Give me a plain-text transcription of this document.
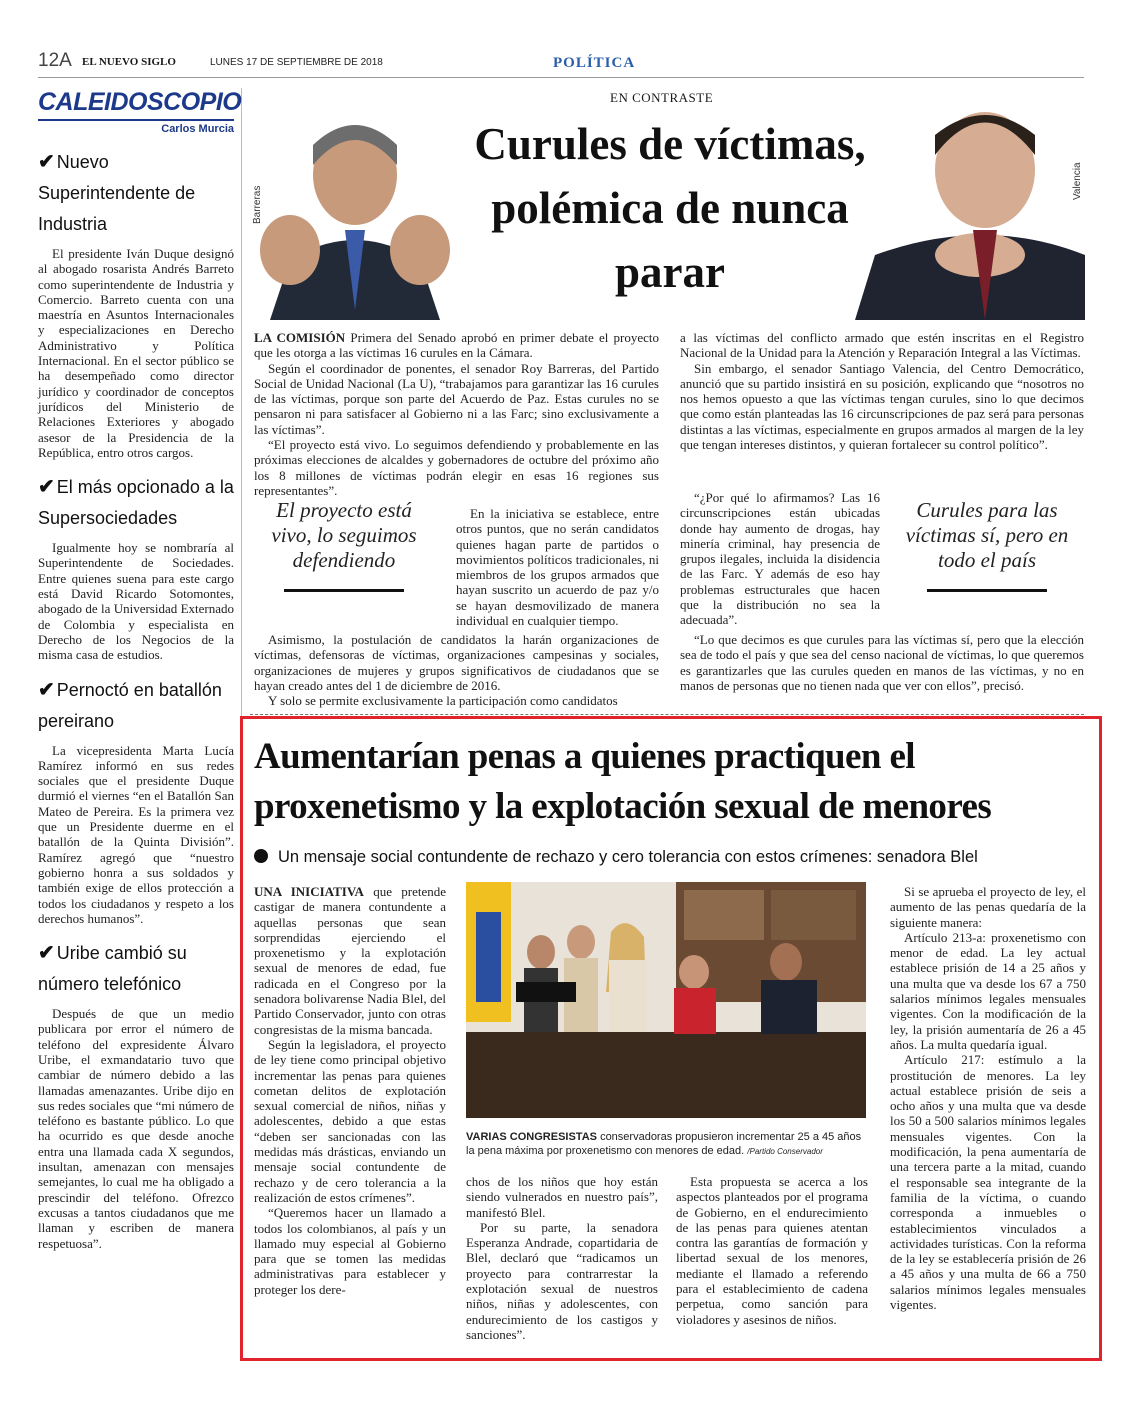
12A EL NUEVO SIGLO	LUNES 17 DE SEPTIEMBRE DE 2018	POLÍTICA
CALEIDOSCOPIO
Carlos Murcia
✔ Nuevo Superintendente de Industria

El presidente Iván Duque designó al abogado rosarista Andrés Barreto como superintendente de Industria y Comercio. Barreto cuenta con una maestría en Asuntos Internacionales y especializaciones en Derecho Administrativo y Política Internacional. En el sector público se ha desempeñado como director jurídico y coordinador de conceptos jurídicos del Ministerio de Relaciones Exteriores y abogado asesor de la Presidencia de la República, entro otros cargos.

✔ El más opcionado a la Supersociedades

Igualmente hoy se nombraría al Superintendente de Sociedades. Entre quienes suena para este cargo está David Ricardo Sotomontes, abogado de la Universidad Externado de Colombia y especialista en Derecho de los Negocios de la misma casa de estudios.

✔ Pernoctó en batallón pereirano

La vicepresidenta Marta Lucía Ramírez informó en sus redes sociales que el presidente Duque durmió el viernes “en el Batallón San Mateo de Pereira. Es la primera vez que un Presidente duerme en el batallón de la Quinta División”. Ramírez agregó que “nuestro gobierno honra a sus soldados y también exige de ellos protección a todos los ciudadanos y respeto a los derechos humanos”.

✔ Uribe cambió su número telefónico

Después de que un medio publicara por error el número de teléfono del expresidente Álvaro Uribe, el exmandatario tuvo que cambiar de número debido a las llamadas amenazantes. Uribe dijo en sus redes sociales que “mi número de teléfono es bastante público. Lo que ha ocurrido es que desde anoche entra una llamada cada X segundos, insultan, amenazan con mensajes semejantes, lo cual me ha obligado a prescindir del teléfono. Ofrezco excusas a tantos ciudadanos que me llaman y escriben de manera respetuosa”.

EN CONTRASTE
Barreras
Valencia
Curules de víctimas, polémica de nunca parar

LA COMISIÓN Primera del Senado aprobó en primer debate el proyecto que les otorga a las víctimas 16 curules en la Cámara.

Según el coordinador de ponentes, el senador Roy Barreras, del Partido Social de Unidad Nacional (La U), “trabajamos para garantizar las 16 curules de las víctimas, porque son parte del Acuerdo de Paz. Estas curules no se pensaron ni para satisfacer al Gobierno ni a las Farc; sino exclusivamente a las víctimas”.

“El proyecto está vivo. Lo seguimos defendiendo y probablemente en las próximas elecciones de alcaldes y gobernadores de octubre del próximo año los 8 millones de víctimas podrán elegir en esas 16 regiones sus representantes”.

El proyecto está vivo, lo seguimos defendiendo

En la iniciativa se establece, entre otros puntos, que no serán candidatos quienes hagan parte de partidos o movimientos políticos tradicionales, ni miembros de los grupos armados que hayan suscrito un acuerdo de paz y/o se hayan desmovilizado de manera individual en cualquier tiempo.

Asimismo, la postulación de candidatos la harán organizaciones de víctimas, defensoras de víctimas, organizaciones campesinas y sociales, organizaciones de mujeres y grupos significativos de ciudadanos que se hayan creado antes del 1 de diciembre de 2016.

Y solo se permite exclusivamente la participación como candidatos

a las víctimas del conflicto armado que estén inscritas en el Registro Nacional de la Unidad para la Atención y Reparación Integral a las Víctimas.

Sin embargo, el senador Santiago Valencia, del Centro Democrático, anunció que su partido insistirá en su posición, explicando que “nosotros no nos hemos opuesto a que las víctimas tengan curules, sino lo que decimos que como están planteadas las 16 circunscripciones de paz será para personas distintas a las víctimas, especialmente en grupos armados al margen de la ley que tengan intereses distintos, y quieran fortalecer su control político”.

“¿Por qué lo afirmamos? Las 16 circunscripciones están ubicadas donde hay aumento de drogas, hay minería criminal, hay presencia de grupos ilegales, incluida la disidencia de las Farc. Y además de eso hay problemas estructurales que hacen que la distribución no sea la adecuada”.

Curules para las víctimas sí, pero en todo el país

“Lo que decimos es que curules para las víctimas sí, pero que la elección sea de todo el país y que sea del censo nacional de víctimas, lo que queremos es garantizarles que las curules queden en manos de las víctimas, y no en manos de personas que no tienen nada que ver con ellos”, precisó.

Aumentarían penas a quienes practiquen el proxenetismo y la explotación sexual de menores
Un mensaje social contundente de rechazo y cero tolerancia con estos crímenes: senadora Blel

UNA INICIATIVA que pretende castigar de manera contundente a aquellas personas que sean sorprendidas ejerciendo el proxenetismo y la explotación sexual de menores de edad, fue radicada en el Congreso por la senadora bolivarense Nadia Blel, del Partido Conservador, junto con otras congresistas de la misma bancada.

Según la legisladora, el proyecto de ley tiene como principal objetivo incrementar las penas para quienes cometan delitos de explotación sexual comercial de niños, niñas y adolescentes, debido a que estas “deben ser sancionadas con las medidas más drásticas, enviando un mensaje social contundente de rechazo y de cero tolerancia a la realización de estos crímenes”.

“Queremos hacer un llamado a todos los colombianos, al país y un llamado muy especial al Gobierno para que se tomen las medidas administrativas para establecer y proteger los dere-

VARIAS CONGRESISTAS conservadoras propusieron incrementar 25 a 45 años la pena máxima por proxenetismo con menores de edad. /Partido Conservador

chos de los niños que hoy están siendo vulnerados en nuestro país”, manifestó Blel.

Por su parte, la senadora Esperanza Andrade, copartidaria de Blel, declaró que “radicamos un proyecto para contrarrestar la explotación sexual de nuestros niños, niñas y adolescentes, con endurecimiento de los castigos y sanciones”.

Esta propuesta se acerca a los aspectos planteados por el programa de Gobierno, en el endurecimiento de las penas para quienes atentan contra las garantías de formación y libertad sexual de los menores, mediante el llamado a referendo para el establecimiento de cadena perpetua, como sanción para violadores y asesinos de niños.

Si se aprueba el proyecto de ley, el aumento de las penas quedaría de la siguiente manera:

Artículo 213-a: proxenetismo con menor de edad. La ley actual establece prisión de 14 a 25 años y una multa que va desde los 67 a 750 salarios mínimos legales mensuales vigentes. Con la modificación de la ley, la prisión aumentaría de 26 a 45 años. La multa quedaría igual.

Artículo 217: estímulo a la prostitución de menores. La ley actual establece prisión de seis a ocho años y una multa que va desde los 50 a 500 salarios mínimos legales mensuales vigentes. Con la modificación, la pena aumentaría de una tercera parte a la mitad, cuando el responsable sea integrante de la familia de la víctima, o cuando corresponda a inmuebles o establecimientos vinculados a actividades turísticas. Con la reforma de la ley se establecería prisión de 26 a 45 años y una multa de 66 a 750 salarios mínimos legales mensuales vigentes.
